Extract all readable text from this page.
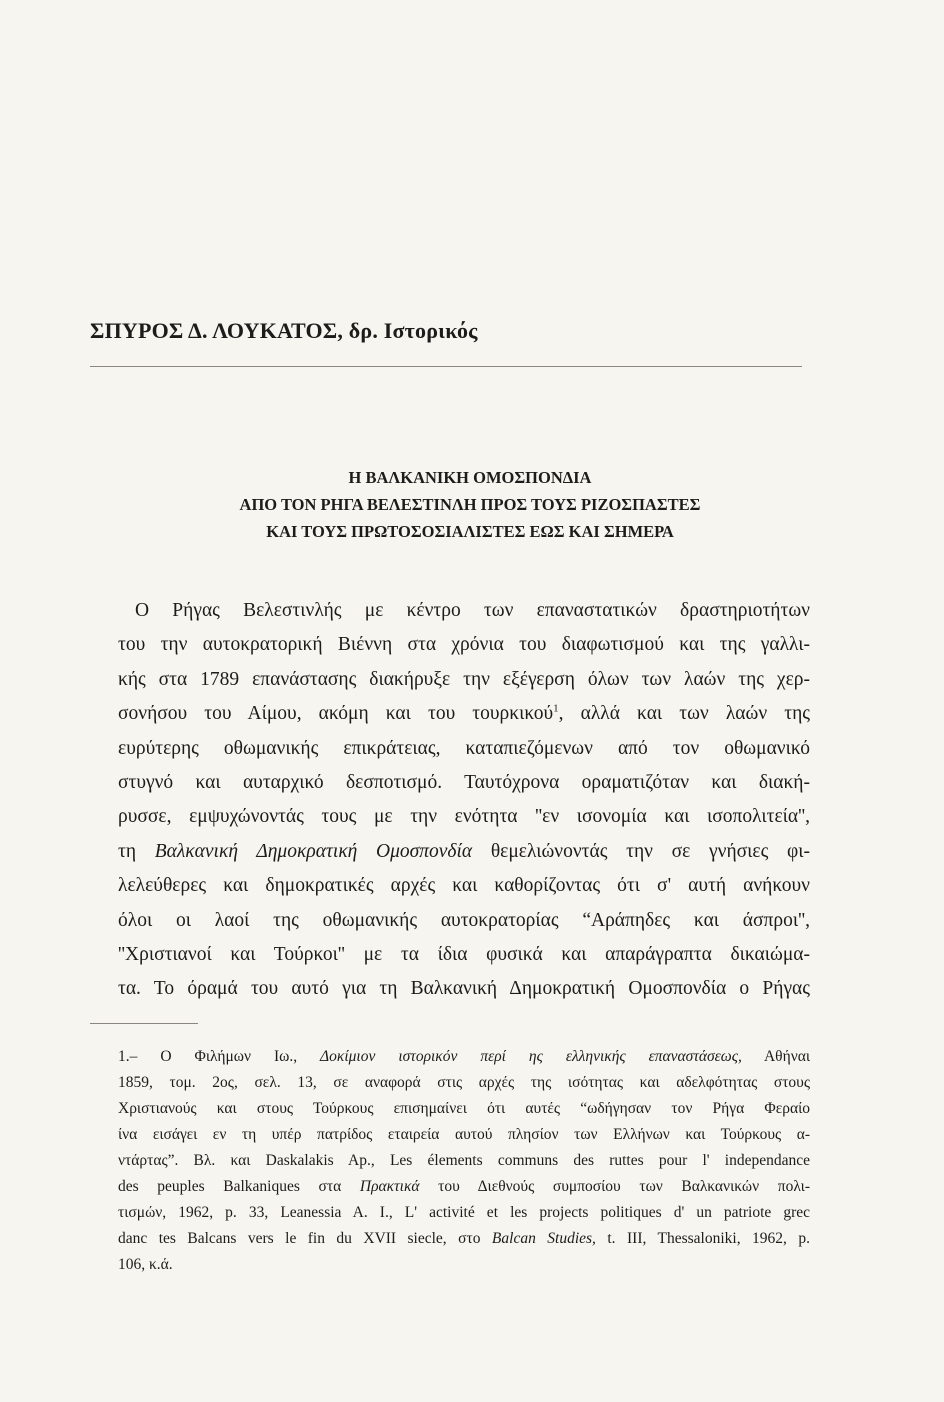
ΣΠΥΡΟΣ Δ. ΛΟΥΚΑΤΟΣ, δρ. Ιστορικός
Η ΒΑΛΚΑΝΙΚΗ ΟΜΟΣΠΟΝΔΙΑ
ΑΠΟ ΤΟΝ ΡΗΓΑ ΒΕΛΕΣΤΙΝΛΗ ΠΡΟΣ ΤΟΥΣ ΡΙΖΟΣΠΑΣΤΕΣ
ΚΑΙ ΤΟΥΣ ΠΡΩΤΟΣΟΣΙΑΛΙΣΤΕΣ ΕΩΣ ΚΑΙ ΣΗΜΕΡΑ
Ο Ρήγας Βελεστινλής με κέντρο των επαναστατικών δραστηριοτήτων
του την αυτοκρατορική Βιέννη στα χρόνια του διαφωτισμού και της γαλλι-
κής στα 1789 επανάστασης διακήρυξε την εξέγερση όλων των λαών της χερ-
σονήσου του Αίμου, ακόμη και του τουρκικού$^1$, αλλά και των λαών της
ευρύτερης οθωμανικής επικράτειας, καταπιεζόμενων από τον οθωμανικό
στυγνό και αυταρχικό δεσποτισμό. Ταυτόχρονα οραματιζόταν και διακή-
ρυσσε, εμψυχώνοντάς τους με την ενότητα ''εν ισονομία και ισοπολιτεία'',
τη Βαλκανική Δημοκρατική Ομοσπονδία θεμελιώνοντάς την σε γνήσιες φι-
λελεύθερες και δημοκρατικές αρχές και καθορίζοντας ότι σ' αυτή ανήκουν
όλοι οι λαοί της οθωμανικής αυτοκρατορίας “Αράπηδες και άσπροι'',
''Χριστιανοί και Τούρκοι'' με τα ίδια φυσικά και απαράγραπτα δικαιώμα-
τα. Το όραμά του αυτό για τη Βαλκανική Δημοκρατική Ομοσπονδία ο Ρήγας
1.– Ο Φιλήμων Ιω., Δοκίμιον ιστορικόν περί ης ελληνικής επαναστάσεως, Αθήναι
1859, τομ. 2ος, σελ. 13, σε αναφορά στις αρχές της ισότητας και αδελφότητας στους
Χριστιανούς και στους Τούρκους επισημαίνει ότι αυτές “ωδήγησαν τον Ρήγα Φεραίο
ίνα εισάγει εν τη υπέρ πατρίδος εταιρεία αυτού πλησίον των Ελλήνων και Τούρκους α-
ντάρτας”. Βλ. και Daskalakis Ap., Les élements communs des ruttes pour l' independance
des peuples Balkaniques στα Πρακτικά του Διεθνούς συμποσίου των Βαλκανικών πολι-
τισμών, 1962, p. 33, Leanessia A. I., L' activité et les projects politiques d' un patriote grec
danc tes Balcans vers le fin du XVII siecle, στο Balcan Studies, t. III, Thessaloniki, 1962, p.
106, κ.ά.
